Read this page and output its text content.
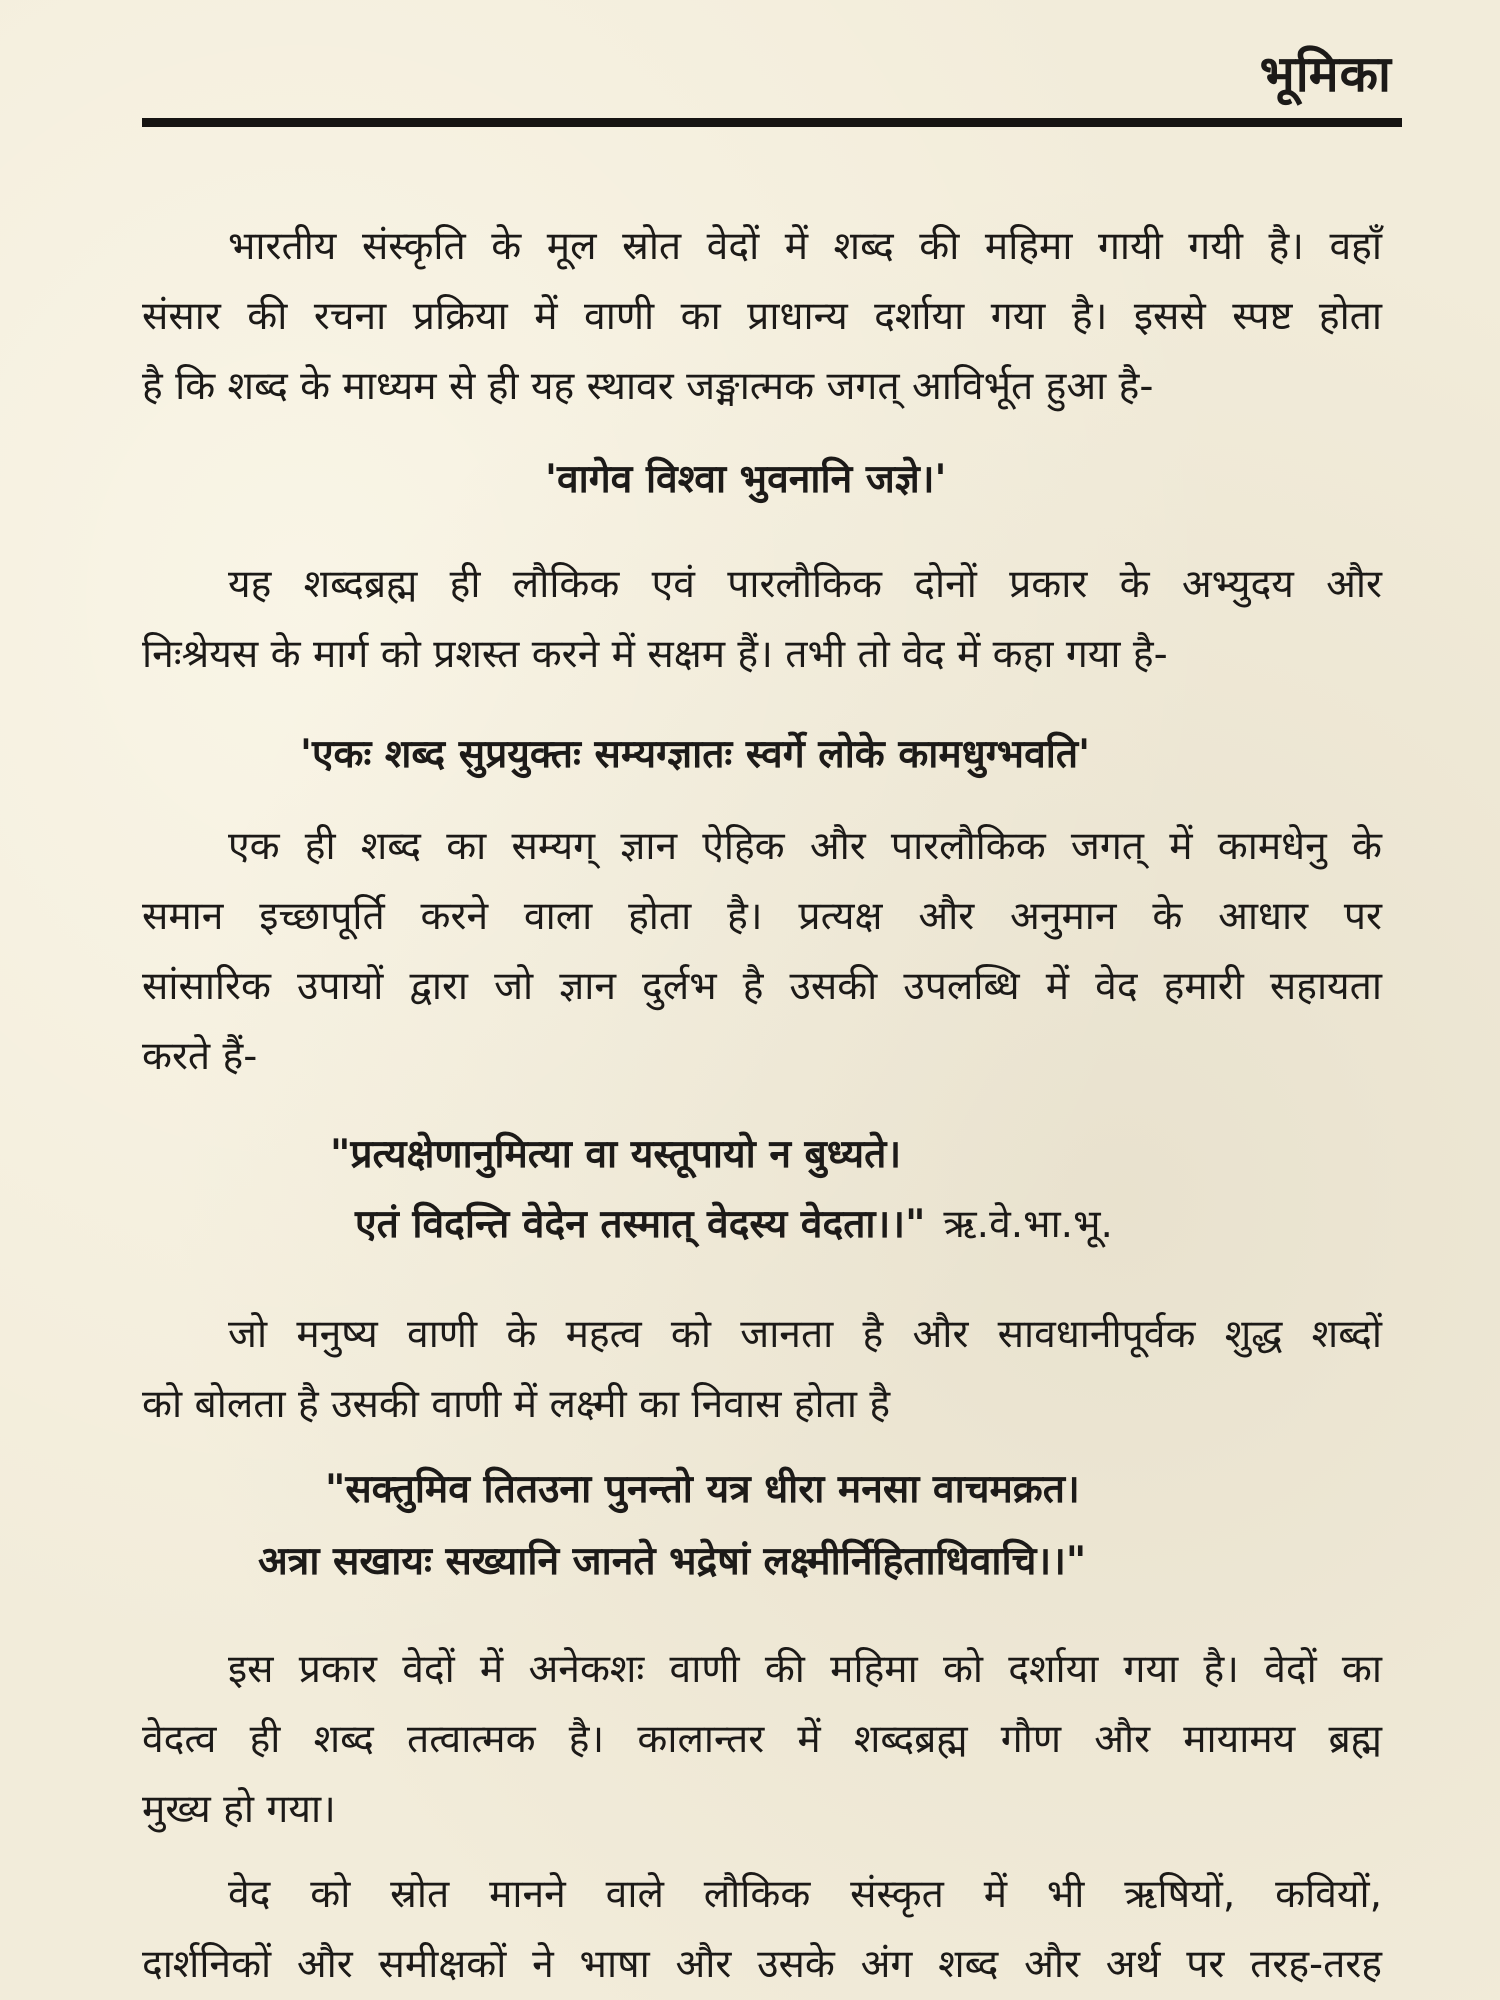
भूमिका
भारतीय संस्कृति के मूल स्रोत वेदों में शब्द की महिमा गायी गयी है। वहाँ
संसार की रचना प्रक्रिया में वाणी का प्राधान्य दर्शाया गया है। इससे स्पष्ट होता
है कि शब्द के माध्यम से ही यह स्थावर जङ्मात्मक जगत् आविर्भूत हुआ है-
'वागेव विश्वा भुवनानि जज्ञे।'
यह शब्दब्रह्म ही लौकिक एवं पारलौकिक दोनों प्रकार के अभ्युदय और
निःश्रेयस के मार्ग को प्रशस्त करने में सक्षम हैं। तभी तो वेद में कहा गया है-
'एकः शब्द सुप्रयुक्तः सम्यग्ज्ञातः स्वर्गे लोके कामधुग्भवति'
एक ही शब्द का सम्यग् ज्ञान ऐहिक और पारलौकिक जगत् में कामधेनु के
समान इच्छापूर्ति करने वाला होता है। प्रत्यक्ष और अनुमान के आधार पर
सांसारिक उपायों द्वारा जो ज्ञान दुर्लभ है उसकी उपलब्धि में वेद हमारी सहायता
करते हैं-
"प्रत्यक्षेणानुमित्या वा यस्तूपायो न बुध्यते।
एतं विदन्ति वेदेन तस्मात् वेदस्य वेदता।।" ऋ.वे.भा.भू.
जो मनुष्य वाणी के महत्व को जानता है और सावधानीपूर्वक शुद्ध शब्दों
को बोलता है उसकी वाणी में लक्ष्मी का निवास होता है
"सक्तुमिव तितउना पुनन्तो यत्र धीरा मनसा वाचमक्रत।
अत्रा सखायः सख्यानि जानते भद्रेषां लक्ष्मीर्निहिताधिवाचि।।"
इस प्रकार वेदों में अनेकशः वाणी की महिमा को दर्शाया गया है। वेदों का
वेदत्व ही शब्द तत्वात्मक है। कालान्तर में शब्दब्रह्म गौण और मायामय ब्रह्म
मुख्य हो गया।
वेद को स्रोत मानने वाले लौकिक संस्कृत में भी ऋषियों, कवियों,
दार्शनिकों और समीक्षकों ने भाषा और उसके अंग शब्द और अर्थ पर तरह-तरह
